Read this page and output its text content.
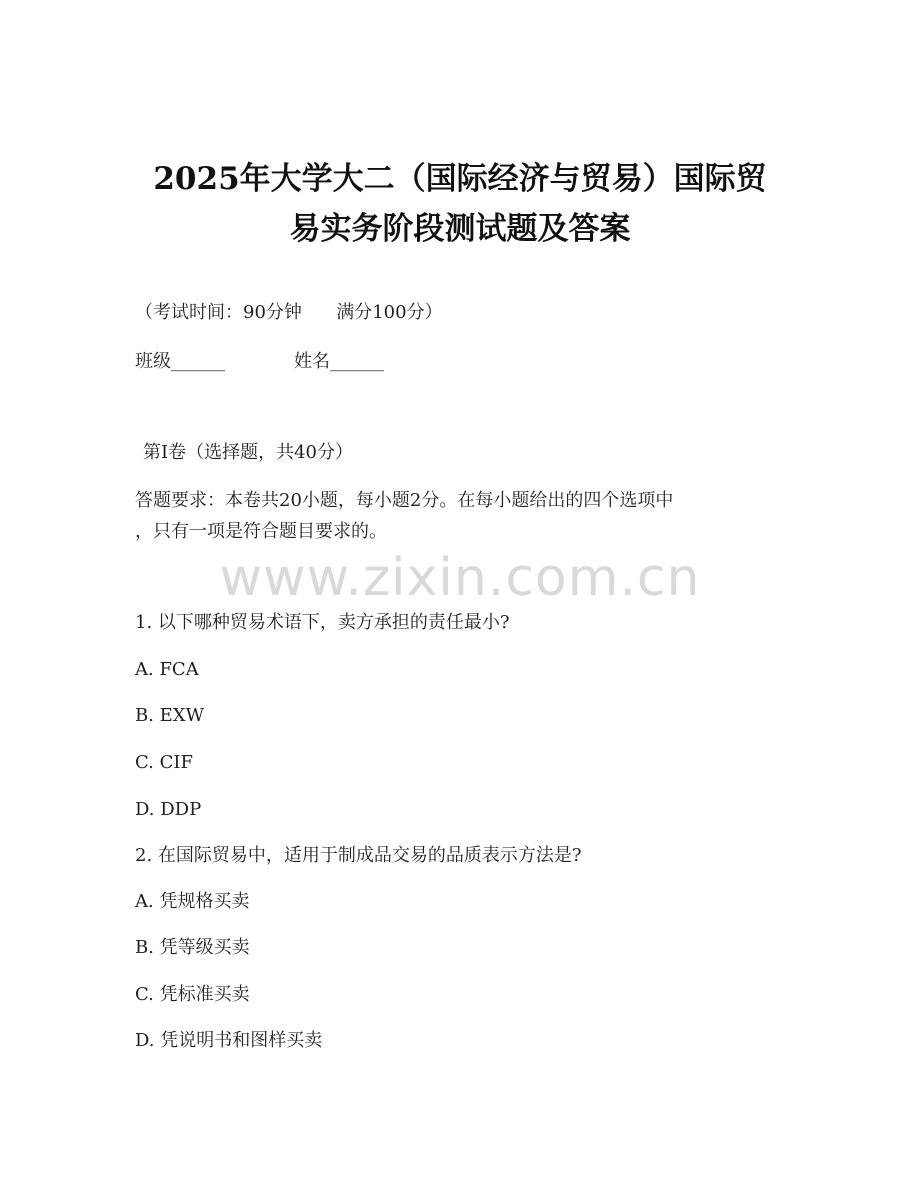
2025年大学大二（国际经济与贸易）国际贸
易实务阶段测试题及答案
（考试时间：90分钟      满分100分）
班级______	姓名______
第I卷（选择题，共40分）
答题要求：本卷共20小题，每小题2分。在每小题给出的四个选项中
，只有一项是符合题目要求的。
www.zixin.com.cn
1. 以下哪种贸易术语下，卖方承担的责任最小?
A. FCA
B. EXW
C. CIF
D. DDP
2. 在国际贸易中，适用于制成品交易的品质表示方法是?
A. 凭规格买卖
B. 凭等级买卖
C. 凭标准买卖
D. 凭说明书和图样买卖
